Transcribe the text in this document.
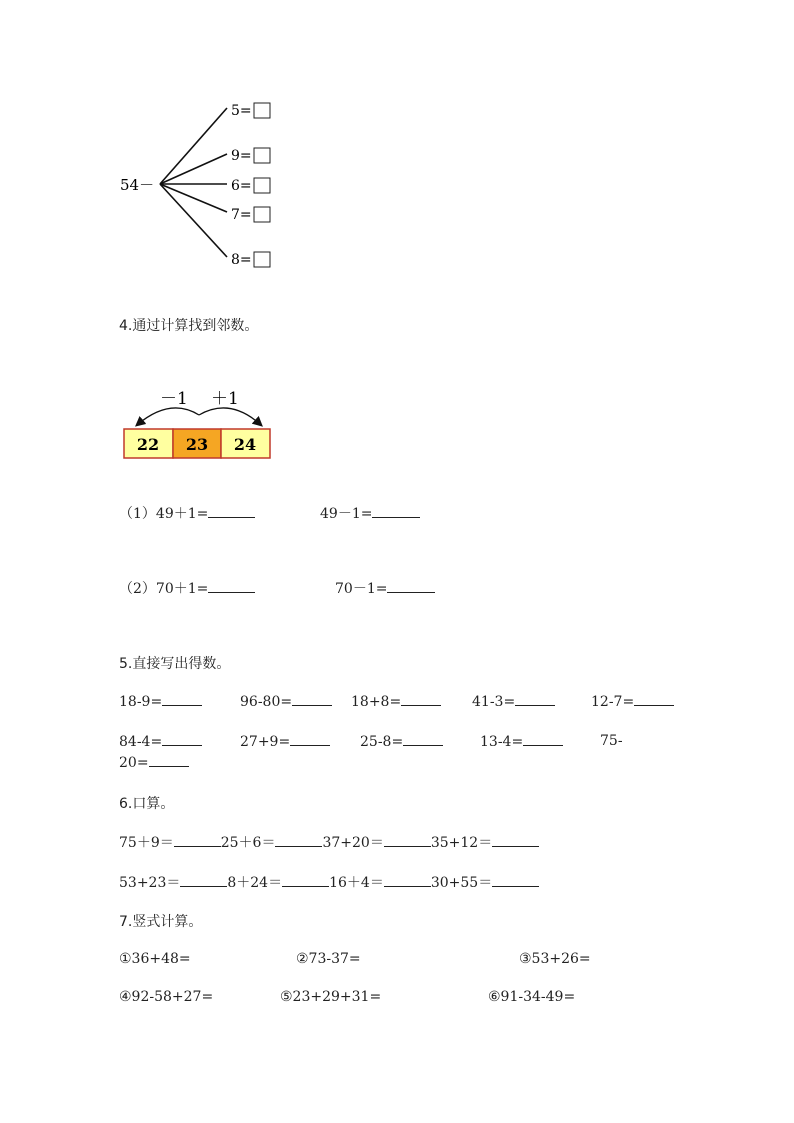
54－
5=
9=
6=
7=
8=
4.通过计算找到邻数。
－1 ＋1
22 23 24
（1）49＋1=	49－1=
（2）70＋1=	70－1=
5.直接写出得数。
18-9=	96-80=	18+8=	41-3=	12-7=
84-4=	27+9=	25-8=	13-4=	75-
20=
6.口算。
75＋9＝	25＋6＝	37+20＝	35+12＝
53+23＝	8＋24＝	16＋4＝	30+55＝
7.竖式计算。
①36+48=	②73-37=	③53+26=
④92-58+27=	⑤23+29+31=	⑥91-34-49=
